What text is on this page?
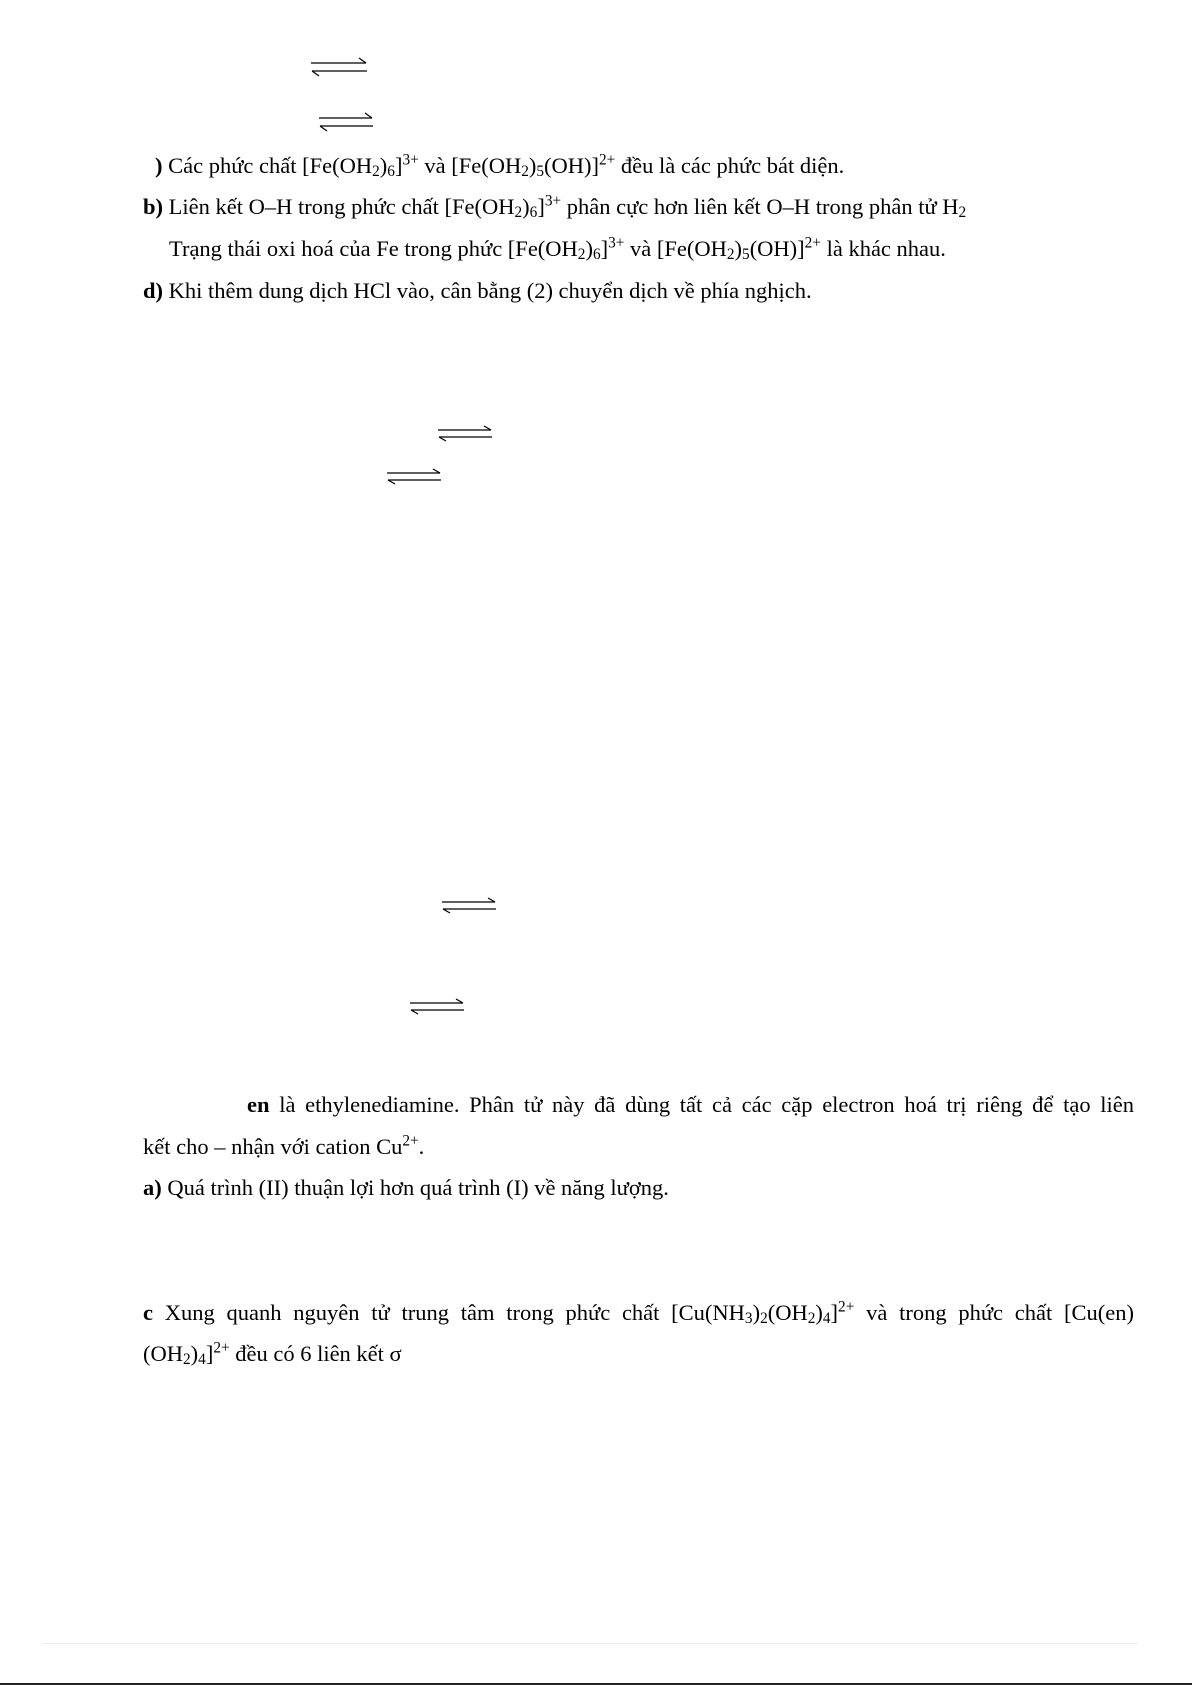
) Các phức chất $[Fe(OH_2)_6]^{3+}$ và $[Fe(OH_2)_5(OH)]^{2+}$ đều là các phức bát diện.
b) Liên kết O–H trong phức chất $[Fe(OH_2)_6]^{3+}$ phân cực hơn liên kết O–H trong phân tử $H_2$
Trạng thái oxi hoá của Fe trong phức $[Fe(OH_2)_6]^{3+}$ và $[Fe(OH_2)_5(OH)]^{2+}$ là khác nhau.
d) Khi thêm dung dịch HCl vào, cân bằng (2) chuyển dịch về phía nghịch.
en là ethylenediamine. Phân tử này đã dùng tất cả các cặp electron hoá trị riêng để tạo liên
kết cho – nhận với cation $Cu^{2+}$.
a) Quá trình (II) thuận lợi hơn quá trình (I) về năng lượng.
c Xung quanh nguyên tử trung tâm trong phức chất $[Cu(NH_3)_2(OH_2)_4]^{2+}$ và trong phức chất [Cu(en)
$(OH_2)_4]^{2+}$ đều có 6 liên kết σ
